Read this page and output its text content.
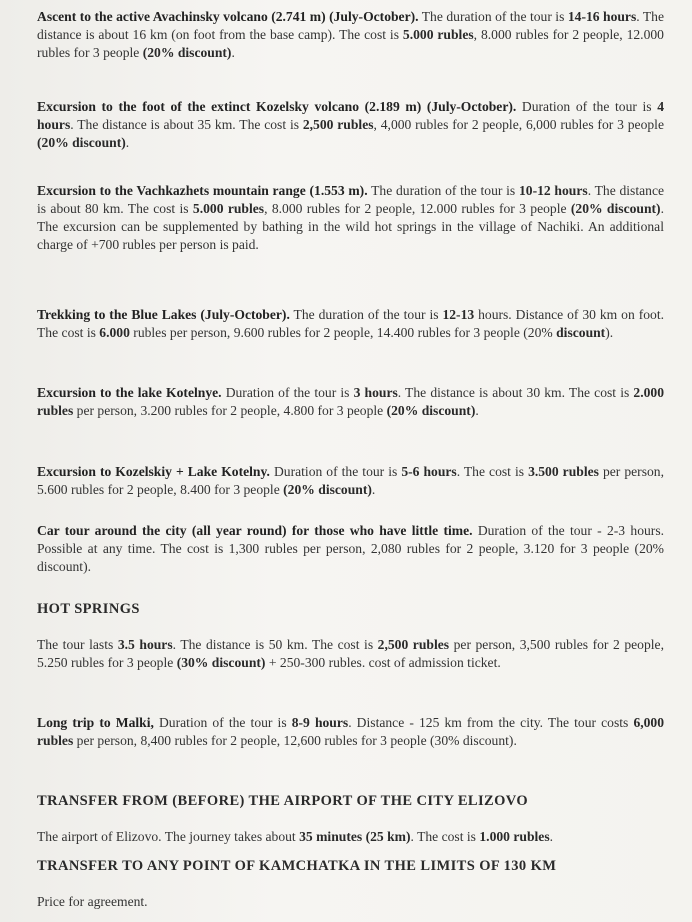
Ascent to the active Avachinsky volcano (2.741 m) (July-October). The duration of the tour is 14-16 hours. The distance is about 16 km (on foot from the base camp). The cost is 5.000 rubles, 8.000 rubles for 2 people, 12.000 rubles for 3 people (20% discount).

Excursion to the foot of the extinct Kozelsky volcano (2.189 m) (July-October). Duration of the tour is 4 hours. The distance is about 35 km. The cost is 2,500 rubles, 4,000 rubles for 2 people, 6,000 rubles for 3 people (20% discount).

Excursion to the Vachkazhets mountain range (1.553 m). The duration of the tour is 10-12 hours. The distance is about 80 km. The cost is 5.000 rubles, 8.000 rubles for 2 people, 12.000 rubles for 3 people (20% discount). The excursion can be supplemented by bathing in the wild hot springs in the village of Nachiki. An additional charge of +700 rubles per person is paid.

Trekking to the Blue Lakes (July-October). The duration of the tour is 12-13 hours. Distance of 30 km on foot. The cost is 6.000 rubles per person, 9.600 rubles for 2 people, 14.400 rubles for 3 people (20% discount).

Excursion to the lake Kotelnye. Duration of the tour is 3 hours. The distance is about 30 km. The cost is 2.000 rubles per person, 3.200 rubles for 2 people, 4.800 for 3 people (20% discount).

Excursion to Kozelskiy + Lake Kotelny. Duration of the tour is 5-6 hours. The cost is 3.500 rubles per person, 5.600 rubles for 2 people, 8.400 for 3 people (20% discount).

Car tour around the city (all year round) for those who have little time. Duration of the tour - 2-3 hours. Possible at any time. The cost is 1,300 rubles per person, 2,080 rubles for 2 people, 3.120 for 3 people (20% discount).

HOT SPRINGS

The tour lasts 3.5 hours. The distance is 50 km. The cost is 2,500 rubles per person, 3,500 rubles for 2 people, 5.250 rubles for 3 people (30% discount) + 250-300 rubles. cost of admission ticket.

Long trip to Malki, Duration of the tour is 8-9 hours. Distance - 125 km from the city. The tour costs 6,000 rubles per person, 8,400 rubles for 2 people, 12,600 rubles for 3 people (30% discount).

TRANSFER FROM (BEFORE) THE AIRPORT OF THE CITY ELIZOVO

The airport of Elizovo. The journey takes about 35 minutes (25 km). The cost is 1.000 rubles.

TRANSFER TO ANY POINT OF KAMCHATKA IN THE LIMITS OF 130 KM

Price for agreement.
